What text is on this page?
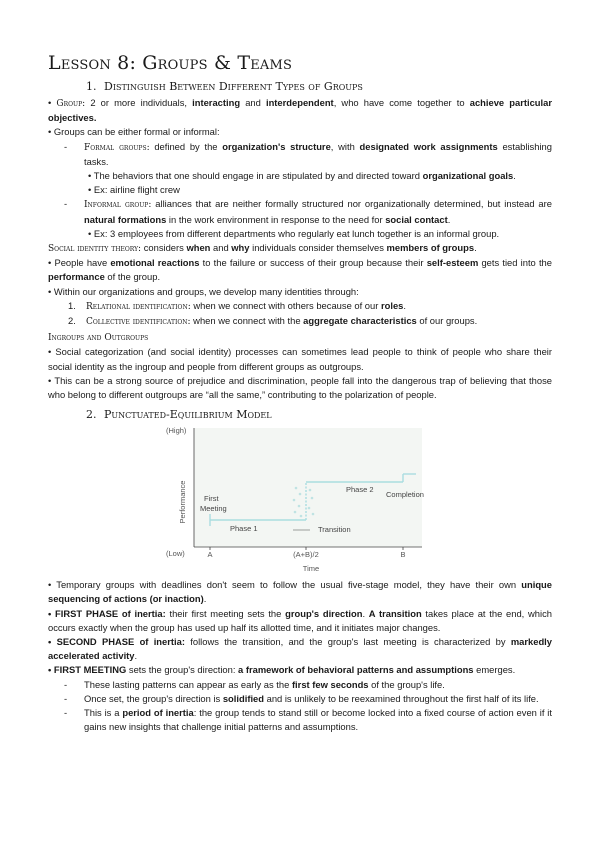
Lesson 8: Groups & Teams
1. Distinguish Between Different Types of Groups

• Group: 2 or more individuals, interacting and interdependent, who have come together to achieve particular objectives.

• Groups can be either formal or informal:

- Formal groups: defined by the organization's structure, with designated work assignments establishing tasks.

• The behaviors that one should engage in are stipulated by and directed toward organizational goals.

• Ex: airline flight crew

- Informal group: alliances that are neither formally structured nor organizationally determined, but instead are natural formations in the work environment in response to the need for social contact.

• Ex: 3 employees from different departments who regularly eat lunch together is an informal group.

Social identity theory: considers when and why individuals consider themselves members of groups.

• People have emotional reactions to the failure or success of their group because their self-esteem gets tied into the performance of the group.

• Within our organizations and groups, we develop many identities through:

1. Relational identification: when we connect with others because of our roles.

2. Collective identification: when we connect with the aggregate characteristics of our groups.

Ingroups and Outgroups

• Social categorization (and social identity) processes can sometimes lead people to think of people who share their social identity as the ingroup and people from different groups as outgroups.

• This can be a strong source of prejudice and discrimination, people fall into the dangerous trap of believing that those who belong to different outgroups are “all the same,” contributing to the polarization of people.

2. Punctuated-Equilibrium Model
(High)
(Low)
Performance
Time
A	(A+B)/2	B
First
Meeting
Phase 1
Phase 2
Transition
Completion

• Temporary groups with deadlines don't seem to follow the usual five-stage model, they have their own unique sequencing of actions (or inaction).

• FIRST PHASE of inertia: their first meeting sets the group's direction. A transition takes place at the end, which occurs exactly when the group has used up half its allotted time, and it initiates major changes.

• SECOND PHASE of inertia: follows the transition, and the group's last meeting is characterized by markedly accelerated activity.

• FIRST MEETING sets the group's direction: a framework of behavioral patterns and assumptions emerges.

- These lasting patterns can appear as early as the first few seconds of the group's life.

- Once set, the group's direction is solidified and is unlikely to be reexamined throughout the first half of its life.

- This is a period of inertia: the group tends to stand still or become locked into a fixed course of action even if it gains new insights that challenge initial patterns and assumptions.
